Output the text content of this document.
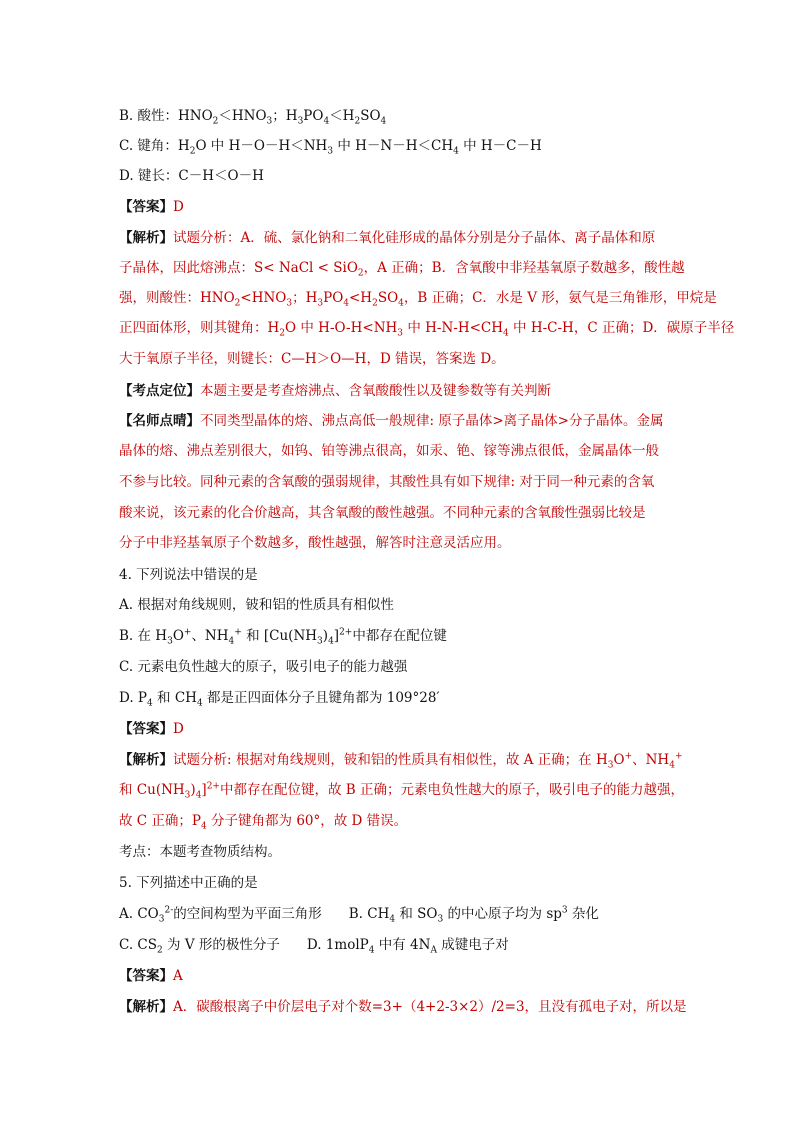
B. 酸性：$HNO_2<HNO_3$；$H_3PO_4<H_2SO_4$
C. 键角：$H_2O$ 中 $H-O-H<NH_3$ 中 $H-N-H<CH_4$ 中 H－C－H
D. 键长：C－H＜O－H
【答案】D
【解析】试题分析：A．硫、氯化钠和二氧化硅形成的晶体分别是分子晶体、离子晶体和原
子晶体，因此熔沸点：S< NaCl < SiO$_2$，A 正确；B．含氧酸中非羟基氧原子数越多，酸性越
强，则酸性：$HNO_2<HNO_3$；$H_3PO_4<H_2SO_4$，B 正确；C．水是 V 形，氨气是三角锥形，甲烷是
正四面体形，则其键角：$H_2O$ 中 $H-O-H<NH_3$ 中 $H-N-H<CH_4$ 中 H-C-H，C 正确；D．碳原子半径
大于氧原子半径，则键长：C—H＞O—H，D 错误，答案选 D。
【考点定位】本题主要是考查熔沸点、含氧酸酸性以及键参数等有关判断
【名师点晴】不同类型晶体的熔、沸点高低一般规律: 原子晶体>离子晶体>分子晶体。金属
晶体的熔、沸点差别很大，如钨、铂等沸点很高，如汞、铯、镓等沸点很低，金属晶体一般
不参与比较。同种元素的含氧酸的强弱规律，其酸性具有如下规律: 对于同一种元素的含氧
酸来说，该元素的化合价越高，其含氧酸的酸性越强。不同种元素的含氧酸性强弱比较是
分子中非羟基氧原子个数越多，酸性越强，解答时注意灵活应用。
4. 下列说法中错误的是
A. 根据对角线规则，铍和铝的性质具有相似性
B. 在 $H_3O^+$、$NH_4^+$ 和 $[Cu(NH_3)_4]^{2+}$中都存在配位键
C. 元素电负性越大的原子，吸引电子的能力越强
D. $P_4$ 和 $CH_4$ 都是正四面体分子且键角都为 109°28′
【答案】D
【解析】试题分析: 根据对角线规则，铍和铝的性质具有相似性，故 A 正确；在 $H_3O^+$、$NH_4^+$
和 $Cu(NH_3)_4]^{2+}$中都存在配位键，故 B 正确；元素电负性越大的原子，吸引电子的能力越强，
故 C 正确；$P_4$ 分子键角都为 60°，故 D 错误。
考点：本题考查物质结构。
5. 下列描述中正确的是
A. $CO_3^{2-}$的空间构型为平面三角形　　B. $CH_4$ 和 $SO_3$ 的中心原子均为 $sp^3$ 杂化
C. $CS_2$ 为 V 形的极性分子　　D. 1molP$_4$ 中有 $4N_A$ 成键电子对
【答案】A
【解析】A．碳酸根离子中价层电子对个数=3+（4+2-3×2）/2=3，且没有孤电子对，所以是
